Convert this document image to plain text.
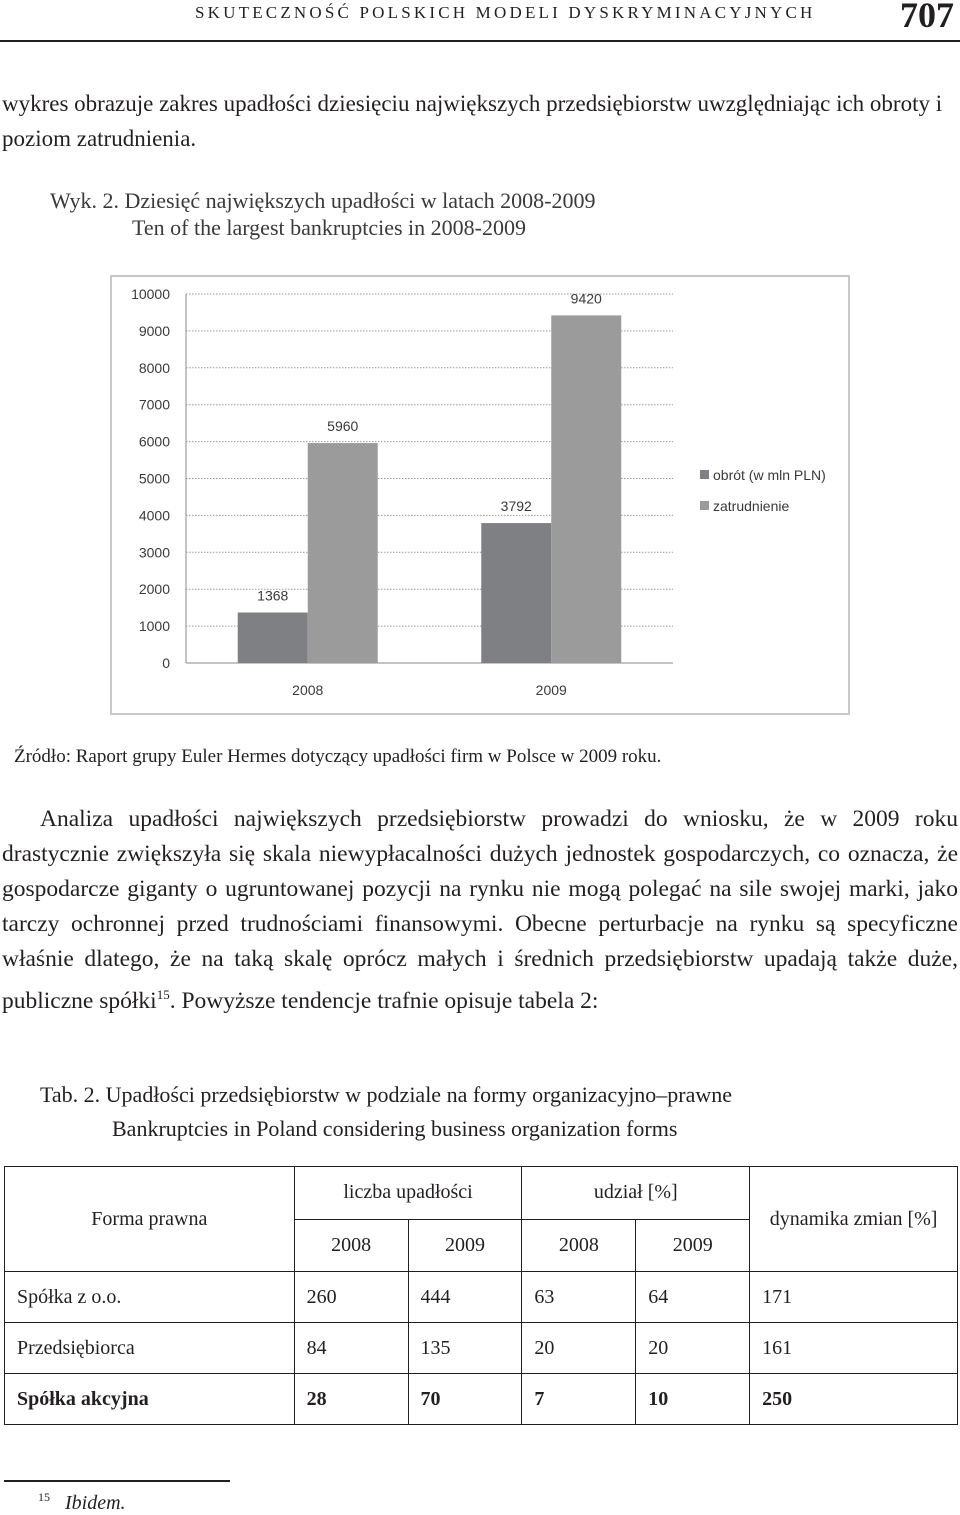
SKUTECZNOŚĆ POLSKICH MODELI DYSKRYMINACYJNYCH 707
wykres obrazuje zakres upadłości dziesięciu największych przedsiębiorstw uwzględniając ich obroty i poziom zatrudnienia.
Wyk. 2. Dziesięć największych upadłości w latach 2008-2009
Ten of the largest bankruptcies in 2008-2009
0
1000
2000
3000
4000
5000
6000
7000
8000
9000
10000
1368
5960
2008
3792
9420
2009
obrót (w mln PLN)
zatrudnienie
Źródło: Raport grupy Euler Hermes dotyczący upadłości firm w Polsce w 2009 roku.
Analiza upadłości największych przedsiębiorstw prowadzi do wniosku, że w 2009 roku drastycznie zwiększyła się skala niewypłacalności dużych jednostek gospodarczych, co oznacza, że gospodarcze giganty o ugruntowanej pozycji na rynku nie mogą polegać na sile swojej marki, jako tarczy ochronnej przed trudnościami finansowymi. Obecne perturbacje na rynku są specyficzne właśnie dlatego, że na taką skalę oprócz małych i średnich przedsiębiorstw upadają także duże, publiczne spółki$^{15}$. Powyższe tendencje trafnie opisuje tabela 2:
Tab. 2. Upadłości przedsiębiorstw w podziale na formy organizacyjno–prawne
Bankruptcies in Poland considering business organization forms
Forma prawna	liczba upadłości		udział [%]		dynamika zmian [%]
	2008	2009	2008	2009	
Spółka z o.o.	260	444	63	64	171
Przedsiębiorca	84	135	20	20	161
Spółka akcyjna	28	70	7	10	250
$^{15}$ Ibidem.
